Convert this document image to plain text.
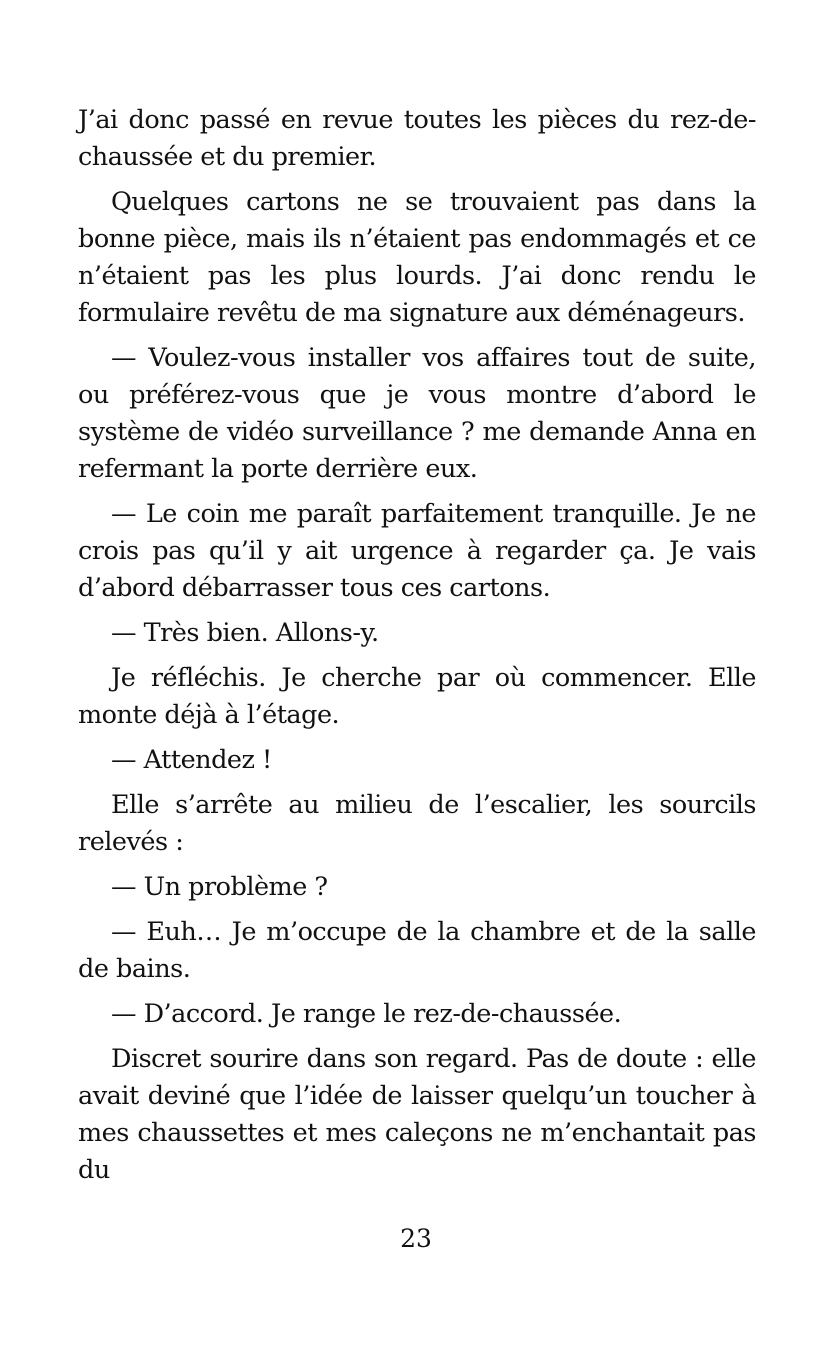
J’ai donc passé en revue toutes les pièces du rez-de-chaussée et du premier.

Quelques cartons ne se trouvaient pas dans la bonne pièce, mais ils n’étaient pas endommagés et ce n’étaient pas les plus lourds. J’ai donc rendu le formulaire revêtu de ma signature aux déménageurs.

— Voulez-vous installer vos affaires tout de suite, ou préférez-vous que je vous montre d’abord le système de vidéo surveillance ? me demande Anna en refermant la porte derrière eux.

— Le coin me paraît parfaitement tranquille. Je ne crois pas qu’il y ait urgence à regarder ça. Je vais d’abord débarrasser tous ces cartons.

— Très bien. Allons-y.

Je réfléchis. Je cherche par où commencer. Elle monte déjà à l’étage.

— Attendez !

Elle s’arrête au milieu de l’escalier, les sourcils relevés :

— Un problème ?

— Euh… Je m’occupe de la chambre et de la salle de bains.

— D’accord. Je range le rez-de-chaussée.

Discret sourire dans son regard. Pas de doute : elle avait deviné que l’idée de laisser quelqu’un toucher à mes chaussettes et mes caleçons ne m’enchantait pas du

23
